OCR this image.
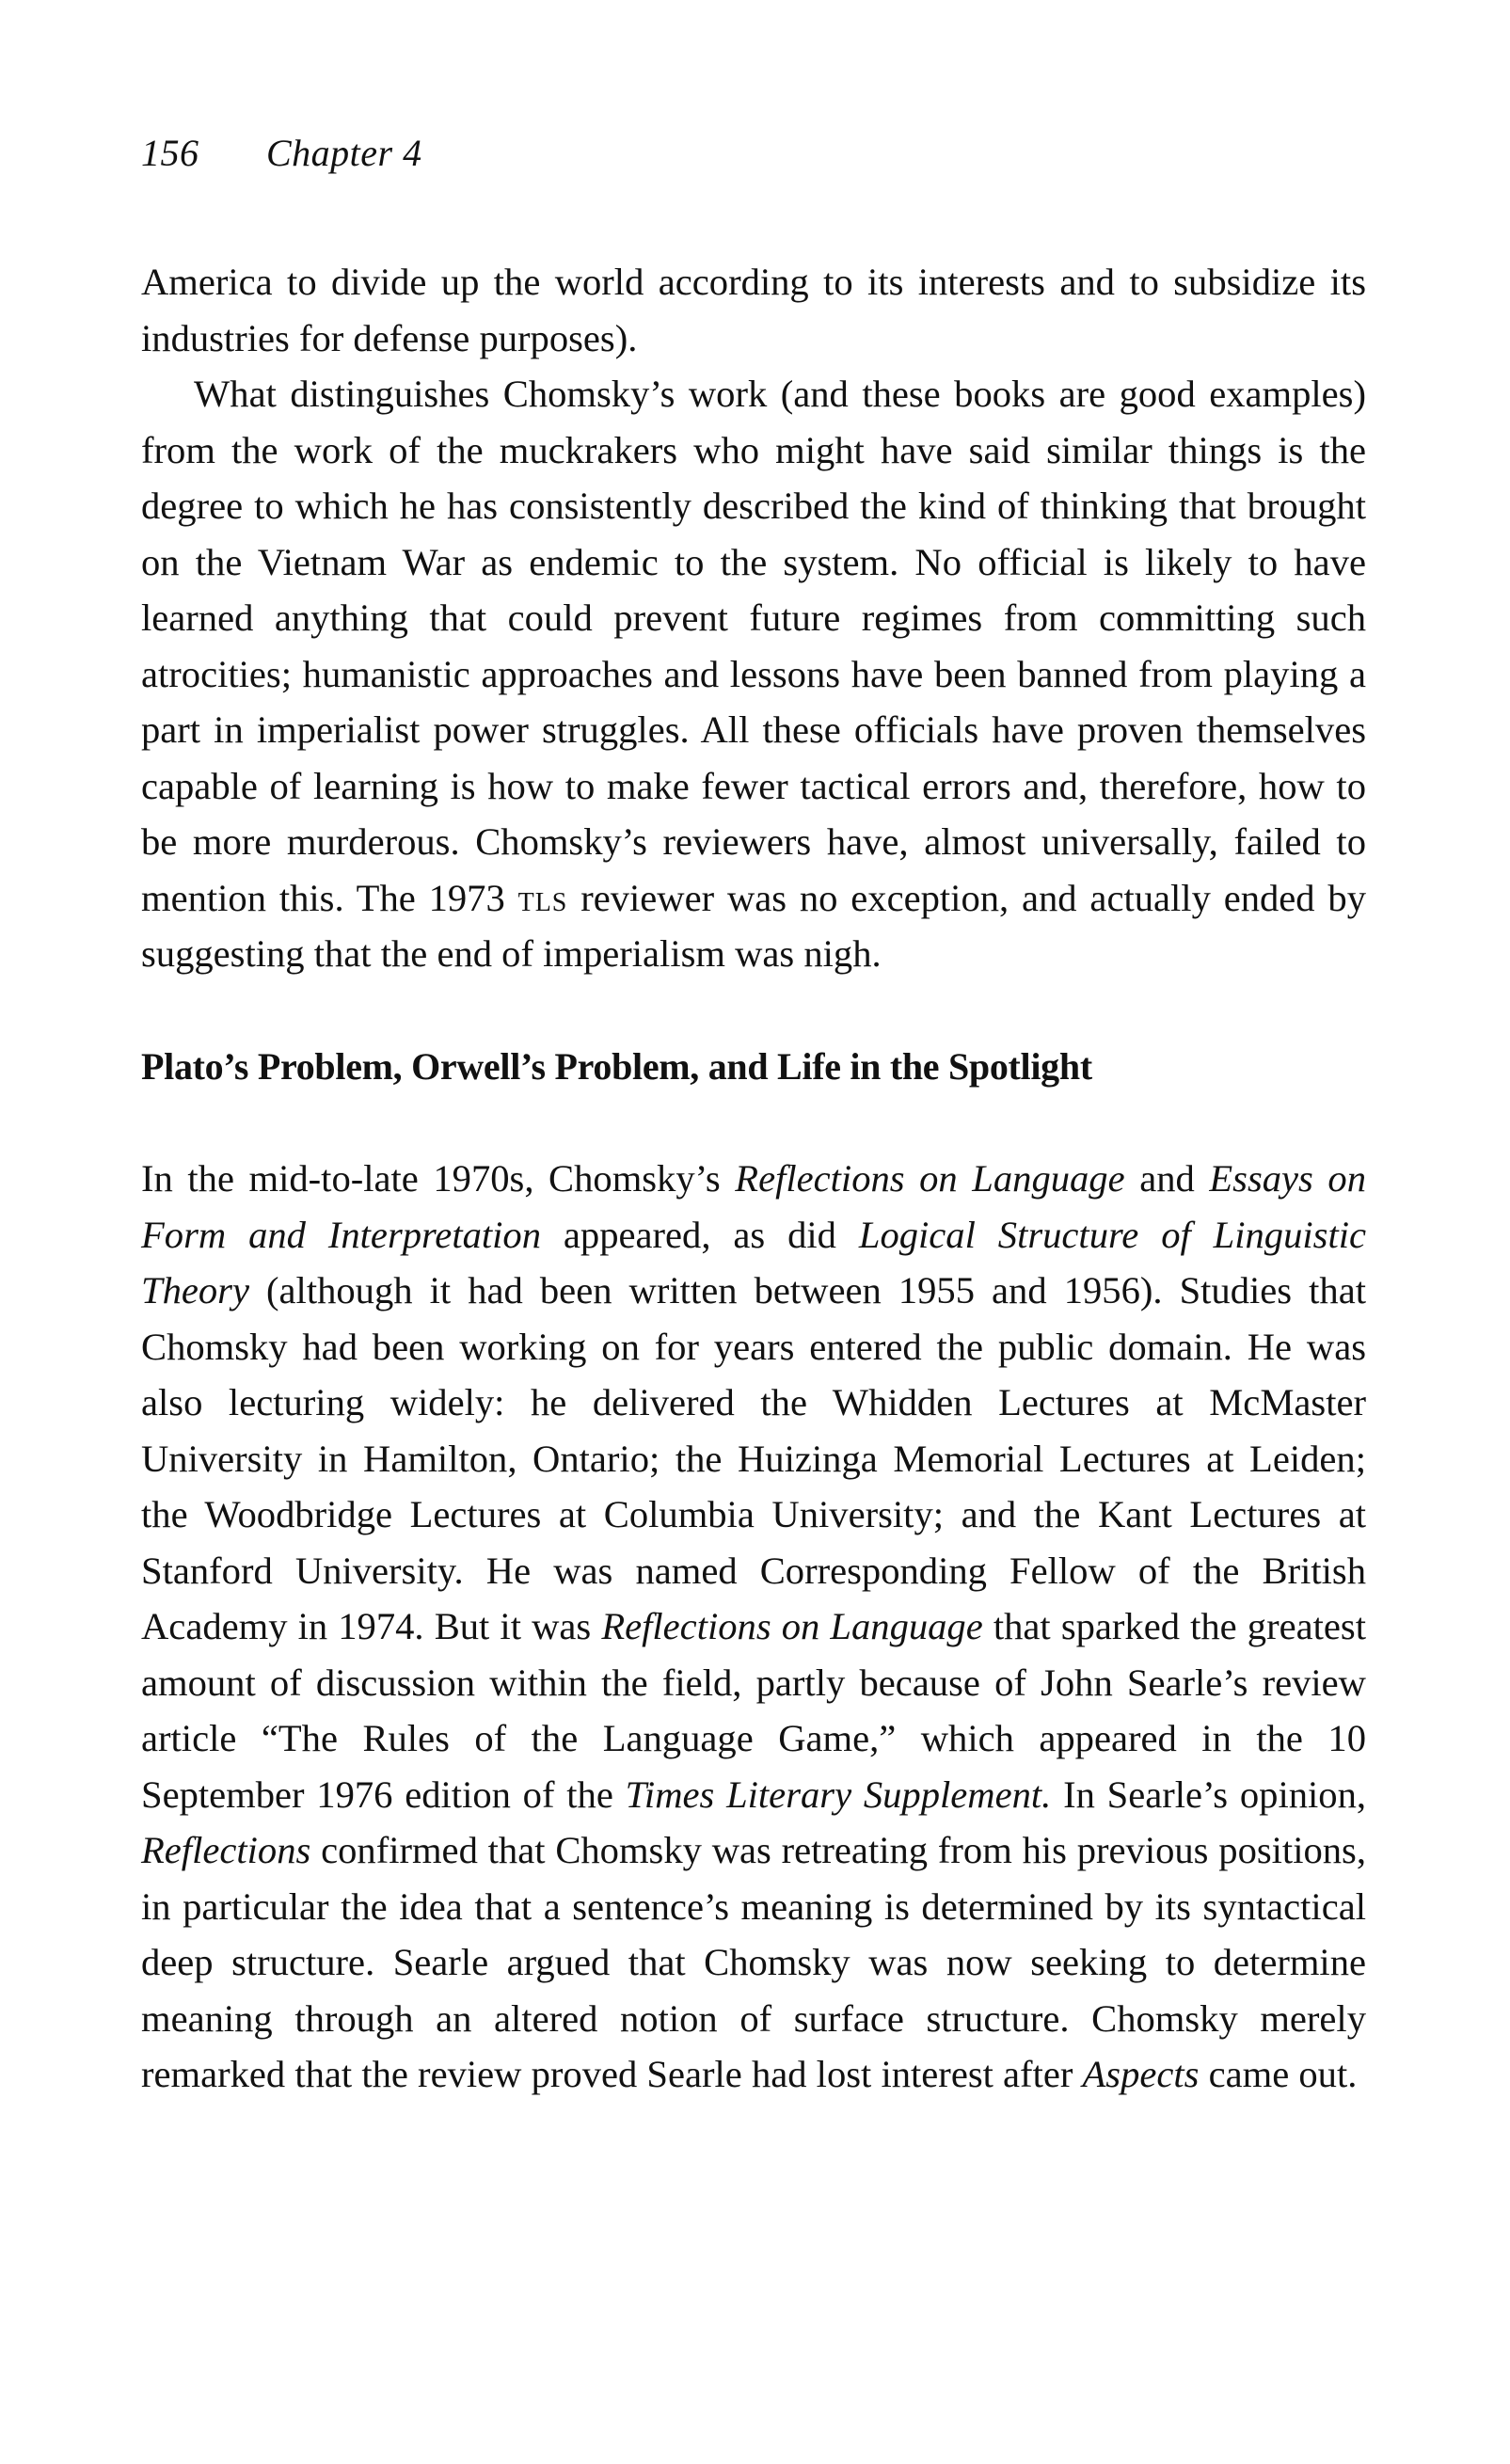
156 Chapter 4

America to divide up the world according to its interests and to subsidize its industries for defense purposes).

What distinguishes Chomsky’s work (and these books are good examples) from the work of the muckrakers who might have said similar things is the degree to which he has consistently described the kind of thinking that brought on the Vietnam War as endemic to the system. No official is likely to have learned anything that could prevent future regimes from committing such atrocities; humanistic approaches and lessons have been banned from playing a part in imperialist power struggles. All these officials have proven themselves capable of learning is how to make fewer tactical errors and, therefore, how to be more murderous. Chomsky’s reviewers have, almost universally, failed to mention this. The 1973 tls reviewer was no exception, and actually ended by suggesting that the end of imperialism was nigh.

Plato’s Problem, Orwell’s Problem, and Life in the Spotlight

In the mid-to-late 1970s, Chomsky’s Reflections on Language and Essays on Form and Interpretation appeared, as did Logical Structure of Linguistic Theory (although it had been written between 1955 and 1956). Studies that Chomsky had been working on for years entered the public domain. He was also lecturing widely: he delivered the Whidden Lectures at McMaster University in Hamilton, Ontario; the Huizinga Memorial Lectures at Leiden; the Woodbridge Lectures at Columbia University; and the Kant Lectures at Stanford University. He was named Corresponding Fellow of the British Academy in 1974. But it was Reflections on Language that sparked the greatest amount of discussion within the field, partly because of John Searle’s review article “The Rules of the Language Game,” which appeared in the 10 September 1976 edition of the Times Literary Supplement. In Searle’s opinion, Reflections confirmed that Chomsky was retreating from his previous positions, in particular the idea that a sentence’s meaning is determined by its syntactical deep structure. Searle argued that Chomsky was now seeking to determine meaning through an altered notion of surface structure. Chomsky merely remarked that the review proved Searle had lost interest after Aspects came out.
